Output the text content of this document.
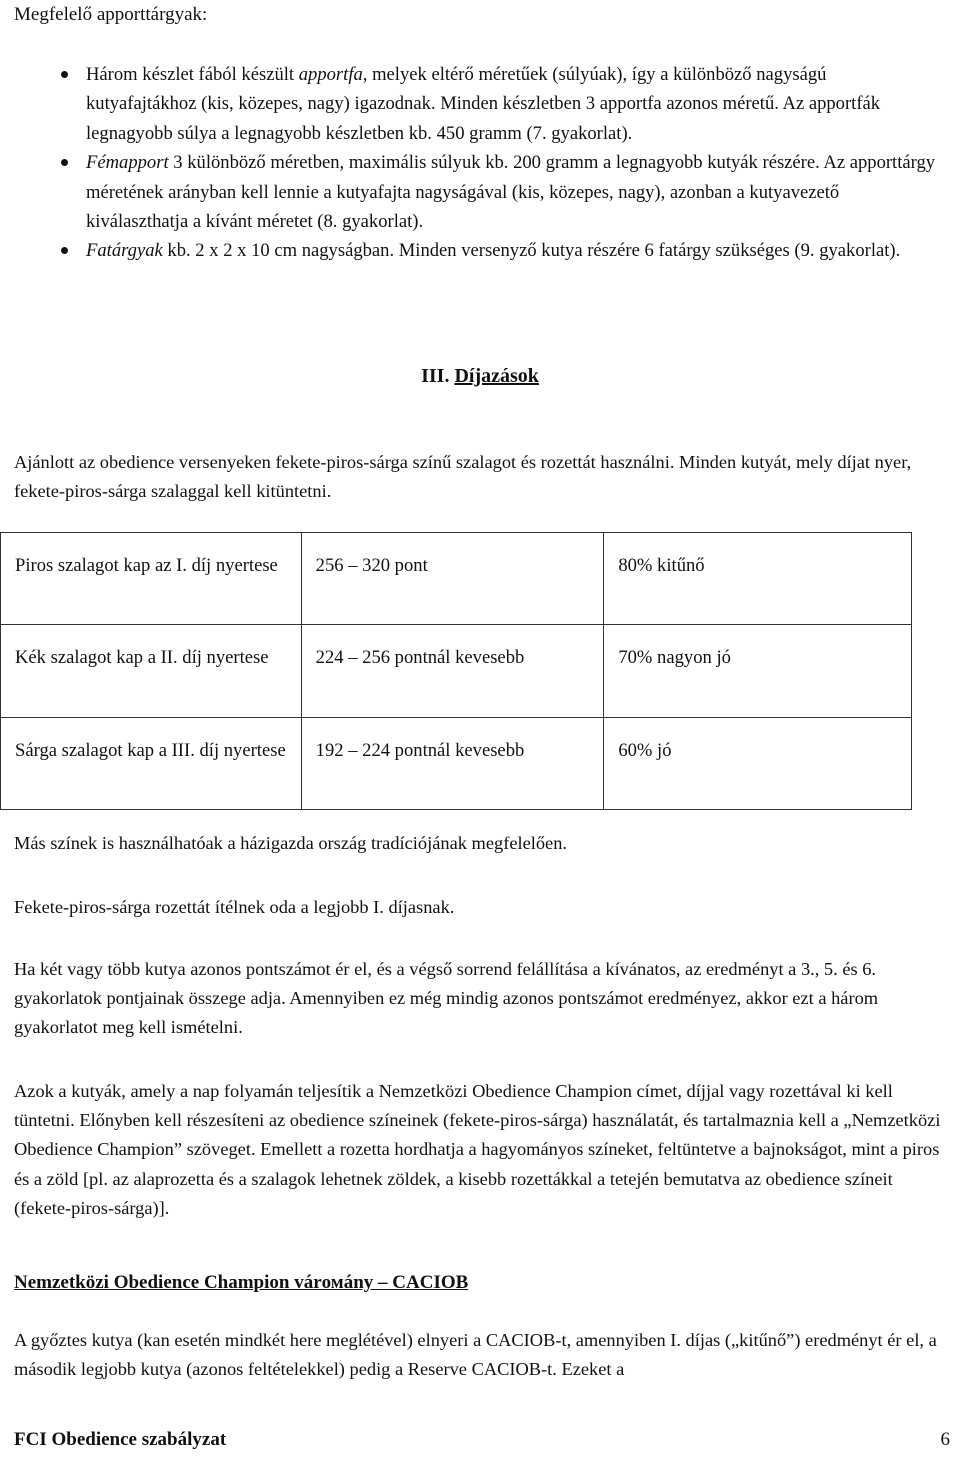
Megfelelő apporttárgyak:
Három készlet fából készült apportfa, melyek eltérő méretűek (súlyúak), így a különböző nagyságú kutyafajtákhoz (kis, közepes, nagy) igazodnak. Minden készletben 3 apportfa azonos méretű. Az apportfák legnagyobb súlya a legnagyobb készletben kb. 450 gramm (7. gyakorlat).
Fémapport 3 különböző méretben, maximális súlyuk kb. 200 gramm a legnagyobb kutyák részére. Az apporttárgy méretének arányban kell lennie a kutyafajta nagyságával (kis, közepes, nagy), azonban a kutyavezető kiválaszthatja a kívánt méretet (8. gyakorlat).
Fatárgyak kb. 2 x 2 x 10 cm nagyságban. Minden versenyző kutya részére 6 fatárgy szükséges (9. gyakorlat).
III. Díjazások

Ajánlott az obedience versenyeken fekete-piros-sárga színű szalagot és rozettát használni. Minden kutyát, mely díjat nyer, fekete-piros-sárga szalaggal kell kitüntetni.

Piros szalagot kap az I. díj nyertese	256 – 320 pont	80% kitűnő
Kék szalagot kap a II. díj nyertese	224 – 256 pontnál kevesebb	70% nagyon jó
Sárga szalagot kap a III. díj nyertese	192 – 224 pontnál kevesebb	60% jó

Más színek is használhatóak a házigazda ország tradíciójának megfelelően.

Fekete-piros-sárga rozettát ítélnek oda a legjobb I. díjasnak.

Ha két vagy több kutya azonos pontszámot ér el, és a végső sorrend felállítása a kívánatos, az eredményt a 3., 5. és 6. gyakorlatok pontjainak összege adja. Amennyiben ez még mindig azonos pontszámot eredményez, akkor ezt a három gyakorlatot meg kell ismételni.

Azok a kutyák, amely a nap folyamán teljesítik a Nemzetközi Obedience Champion címet, díjjal vagy rozettával ki kell tüntetni. Előnyben kell részesíteni az obedience színeinek (fekete-piros-sárga) használatát, és tartalmaznia kell a „Nemzetközi Obedience Champion” szöveget. Emellett a rozetta hordhatja a hagyományos színeket, feltüntetve a bajnokságot, mint a piros és a zöld [pl. az alaprozetta és a szalagok lehetnek zöldek, a kisebb rozettákkal a tetején bemutatva az obedience színeit (fekete-piros-sárga)].

Nemzetközi Obedience Champion várомány – CACIOB

A győztes kutya (kan esetén mindkét here meglétével) elnyeri a CACIOB-t, amennyiben I. díjas („kitűnő”) eredményt ér el, a második legjobb kutya (azonos feltételekkel) pedig a Reserve CACIOB-t. Ezeket a

FCI Obedience szabályzat	6
